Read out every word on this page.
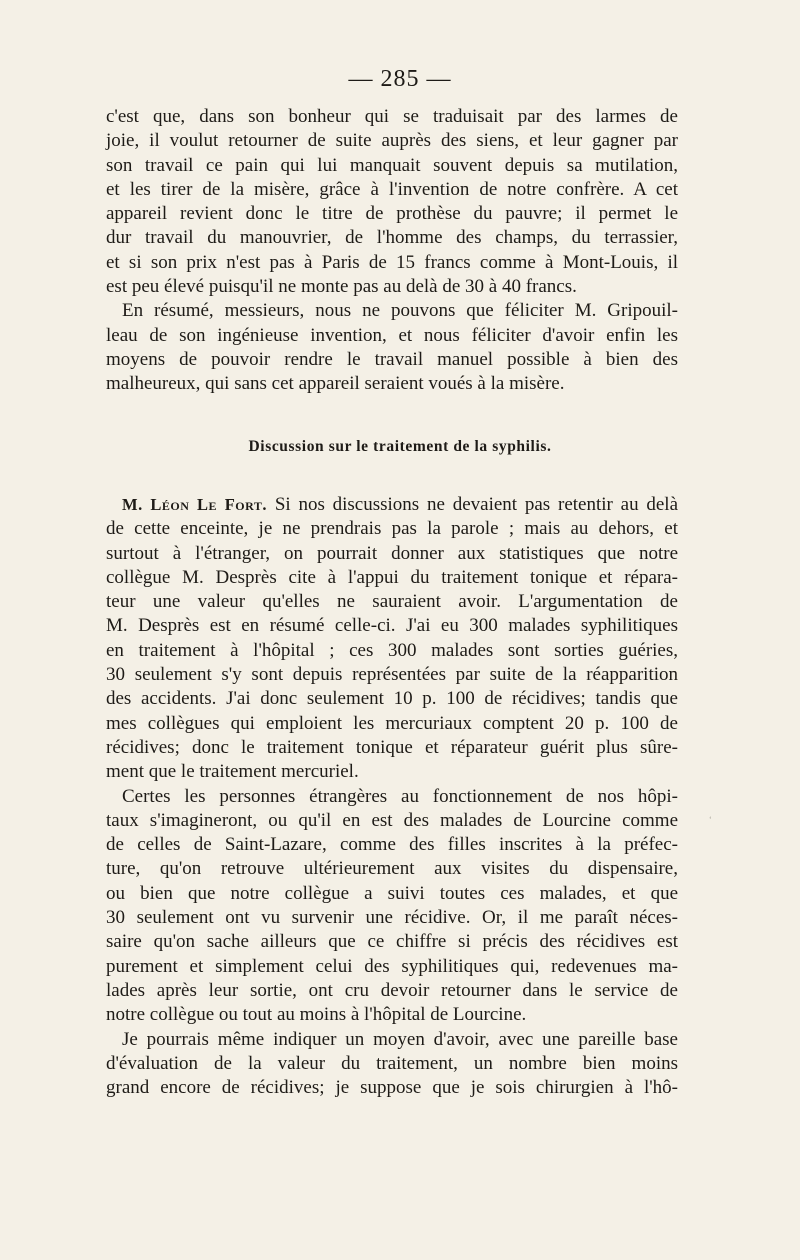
— 285 —
c'est que, dans son bonheur qui se traduisait par des larmes de
joie, il voulut retourner de suite auprès des siens, et leur gagner par
son travail ce pain qui lui manquait souvent depuis sa mutilation,
et les tirer de la misère, grâce à l'invention de notre confrère. A cet
appareil revient donc le titre de prothèse du pauvre; il permet le
dur travail du manouvrier, de l'homme des champs, du terrassier,
et si son prix n'est pas à Paris de 15 francs comme à Mont-Louis, il
est peu élevé puisqu'il ne monte pas au delà de 30 à 40 francs.
En résumé, messieurs, nous ne pouvons que féliciter M. Gripouil-
leau de son ingénieuse invention, et nous féliciter d'avoir enfin les
moyens de pouvoir rendre le travail manuel possible à bien des
malheureux, qui sans cet appareil seraient voués à la misère.
Discussion sur le traitement de la syphilis.
M. Léon Le Fort. Si nos discussions ne devaient pas retentir au delà
de cette enceinte, je ne prendrais pas la parole ; mais au dehors, et
surtout à l'étranger, on pourrait donner aux statistiques que notre
collègue M. Desprès cite à l'appui du traitement tonique et répara-
teur une valeur qu'elles ne sauraient avoir. L'argumentation de
M. Desprès est en résumé celle-ci. J'ai eu 300 malades syphilitiques
en traitement à l'hôpital ; ces 300 malades sont sorties guéries,
30 seulement s'y sont depuis représentées par suite de la réapparition
des accidents. J'ai donc seulement 10 p. 100 de récidives; tandis que
mes collègues qui emploient les mercuriaux comptent 20 p. 100 de
récidives; donc le traitement tonique et réparateur guérit plus sûre-
ment que le traitement mercuriel.
Certes les personnes étrangères au fonctionnement de nos hôpi-
taux s'imagineront, ou qu'il en est des malades de Lourcine comme
de celles de Saint-Lazare, comme des filles inscrites à la préfec-
ture, qu'on retrouve ultérieurement aux visites du dispensaire,
ou bien que notre collègue a suivi toutes ces malades, et que
30 seulement ont vu survenir une récidive. Or, il me paraît néces-
saire qu'on sache ailleurs que ce chiffre si précis des récidives est
purement et simplement celui des syphilitiques qui, redevenues ma-
lades après leur sortie, ont cru devoir retourner dans le service de
notre collègue ou tout au moins à l'hôpital de Lourcine.
Je pourrais même indiquer un moyen d'avoir, avec une pareille base
d'évaluation de la valeur du traitement, un nombre bien moins
grand encore de récidives; je suppose que je sois chirurgien à l'hô-
‘
